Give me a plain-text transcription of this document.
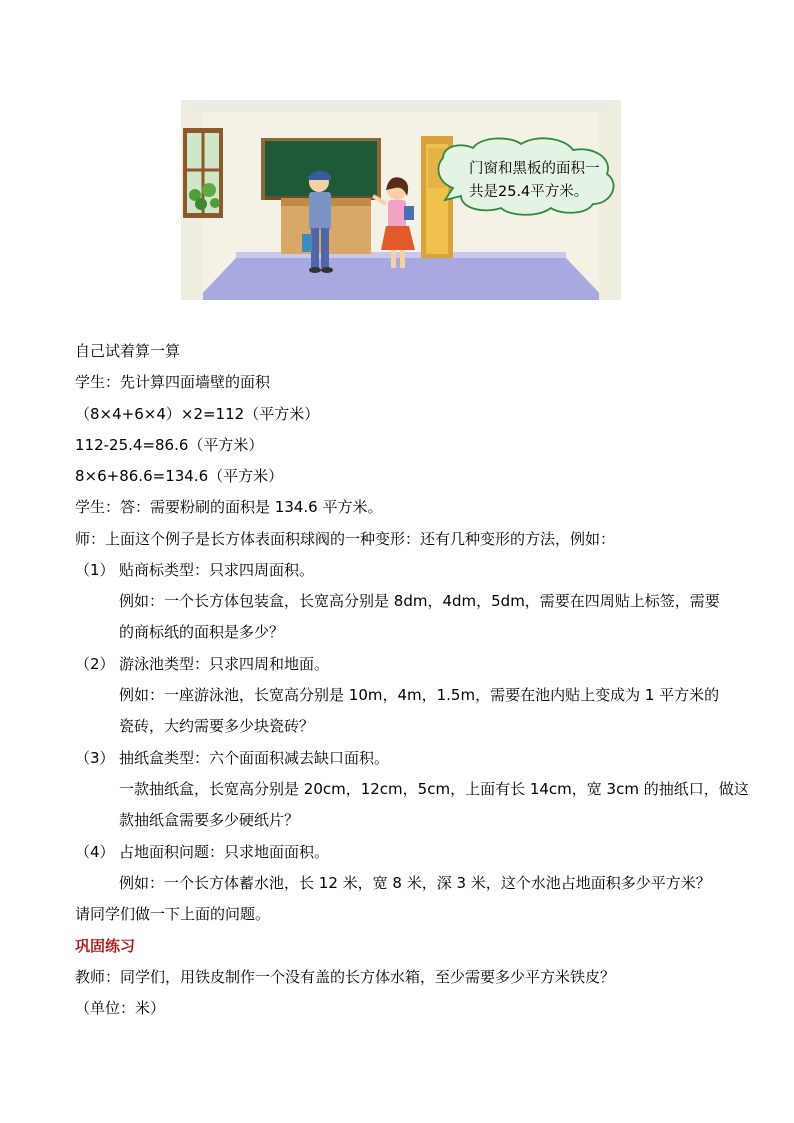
门窗和黑板的面积一
共是25.4平方米。
自己试着算一算
学生：先计算四面墙壁的面积
（8×4+6×4）×2=112（平方米）
112-25.4=86.6（平方米）
8×6+86.6=134.6（平方米）
学生：答：需要粉刷的面积是 134.6 平方米。
师：上面这个例子是长方体表面积球阀的一种变形：还有几种变形的方法，例如：
（1） 贴商标类型：只求四周面积。
例如：一个长方体包装盒，长宽高分别是 8dm，4dm，5dm，需要在四周贴上标签，需要
的商标纸的面积是多少？
（2） 游泳池类型：只求四周和地面。
例如：一座游泳池，长宽高分别是 10m，4m，1.5m，需要在池内贴上变成为 1 平方米的
瓷砖，大约需要多少块瓷砖？
（3） 抽纸盒类型：六个面面积减去缺口面积。
一款抽纸盒，长宽高分别是 20cm，12cm，5cm，上面有长 14cm，宽 3cm 的抽纸口，做这
款抽纸盒需要多少硬纸片？
（4） 占地面积问题：只求地面面积。
例如：一个长方体蓄水池，长 12 米，宽 8 米，深 3 米，这个水池占地面积多少平方米？
请同学们做一下上面的问题。
巩固练习
教师：同学们，用铁皮制作一个没有盖的长方体水箱，至少需要多少平方米铁皮？
（单位：米）
